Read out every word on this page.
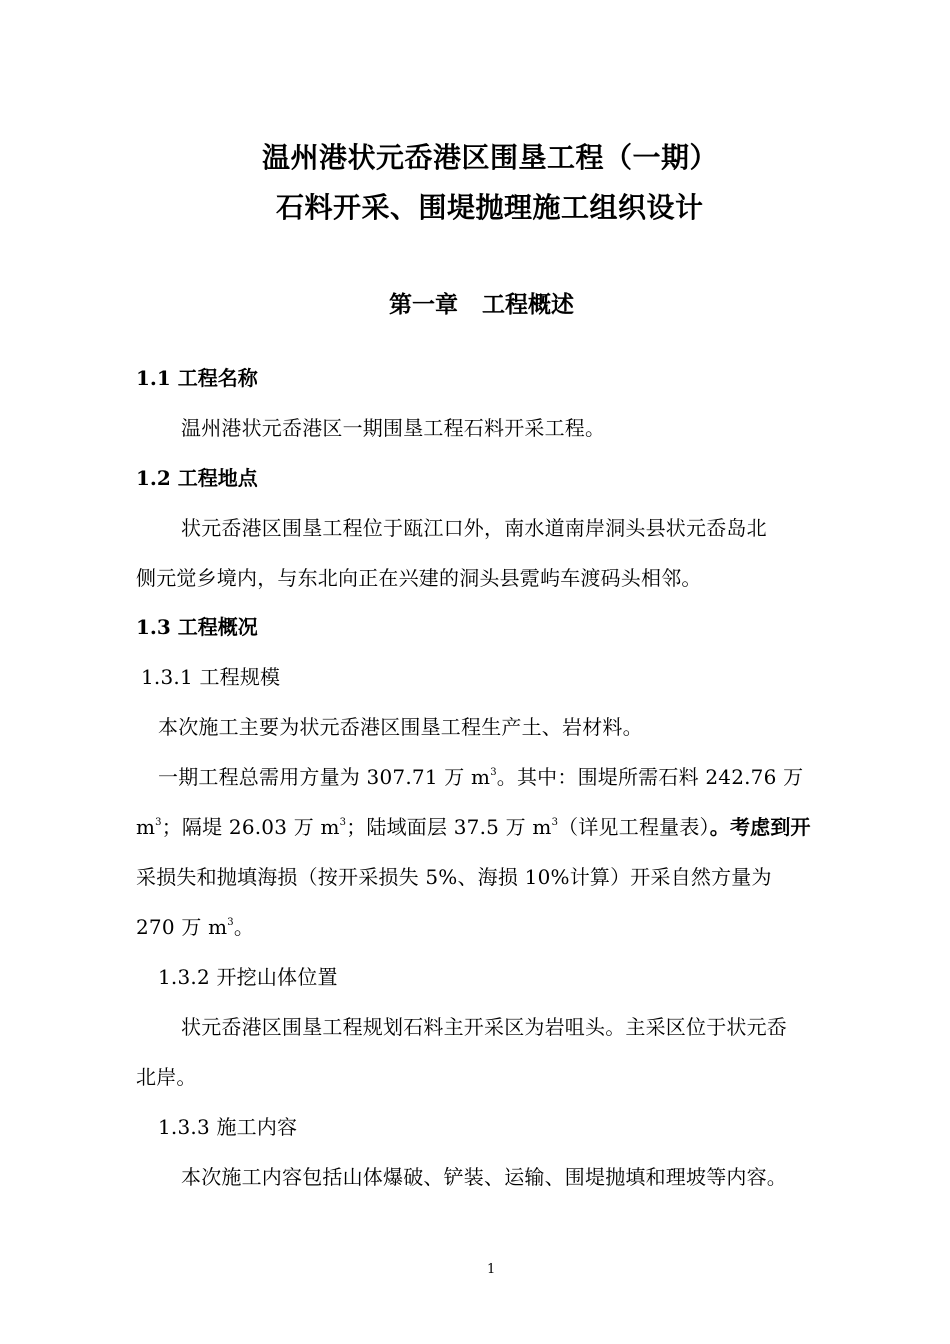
温州港状元岙港区围垦工程（一期）
石料开采、围堤抛理施工组织设计
第一章 工程概述
1.1 工程名称
温州港状元岙港区一期围垦工程石料开采工程。
1.2 工程地点
状元岙港区围垦工程位于瓯江口外，南水道南岸洞头县状元岙岛北
侧元觉乡境内，与东北向正在兴建的洞头县霓屿车渡码头相邻。
1.3 工程概况
1.3.1 工程规模
本次施工主要为状元岙港区围垦工程生产土、岩材料。
一期工程总需用方量为 307.71 万 $m^3$。其中：围堤所需石料 242.76 万
$m^3$；隔堤 26.03 万 $m^3$；陆域面层 37.5 万 $m^3$（详见工程量表）。考虑到开
采损失和抛填海损（按开采损失 5%、海损 10%计算）开采自然方量为
270 万 $m^3$。
1.3.2 开挖山体位置
状元岙港区围垦工程规划石料主开采区为岩咀头。主采区位于状元岙
北岸。
1.3.3 施工内容
本次施工内容包括山体爆破、铲装、运输、围堤抛填和理坡等内容。
1
